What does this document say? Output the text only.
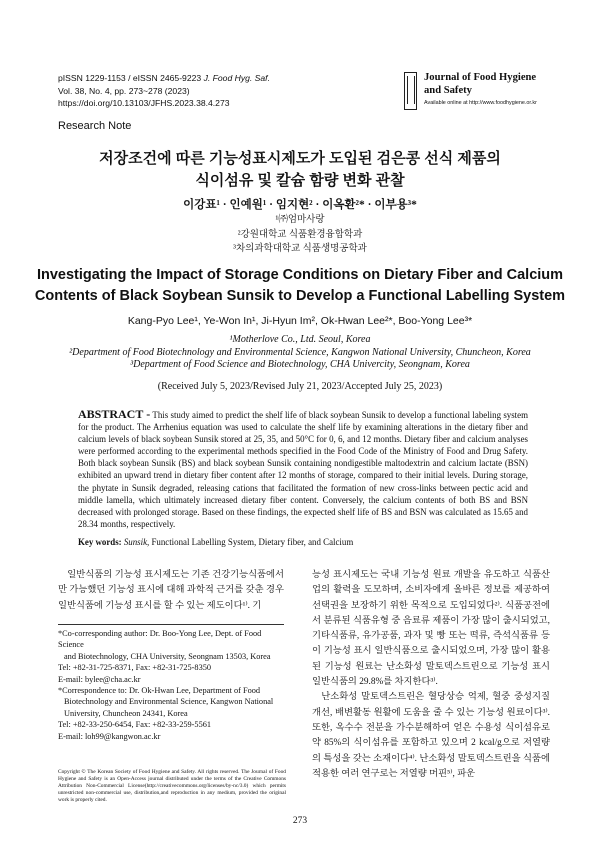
pISSN 1229-1153 / eISSN 2465-9223 J. Food Hyg. Saf.
Vol. 38, No. 4, pp. 273~278 (2023)
https://doi.org/10.13103/JFHS.2023.38.4.273
Journal of Food Hygiene
and Safety
Available online at http://www.foodhygiene.or.kr
Research Note
저장조건에 따른 기능성표시제도가 도입된 검은콩 선식 제품의
식이섬유 및 칼슘 함량 변화 관찰
이강표¹ · 인예원¹ · 임지현² · 이옥환²* · 이부용³*
¹㈜엄마사랑
²강원대학교 식품환경융합학과
³차의과학대학교 식품생명공학과
Investigating the Impact of Storage Conditions on Dietary Fiber and Calcium
Contents of Black Soybean Sunsik to Develop a Functional Labelling System
Kang-Pyo Lee¹, Ye-Won In¹, Ji-Hyun Im², Ok-Hwan Lee²*, Boo-Yong Lee³*
¹Motherlove Co., Ltd. Seoul, Korea
²Department of Food Biotechnology and Environmental Science, Kangwon National University, Chuncheon, Korea
³Department of Food Science and Biotechnology, CHA Univercity, Seongnam, Korea
(Received July 5, 2023/Revised July 21, 2023/Accepted July 25, 2023)
ABSTRACT - This study aimed to predict the shelf life of black soybean Sunsik to develop a functional labeling system for the product. The Arrhenius equation was used to calculate the shelf life by examining alterations in the dietary fiber and calcium levels of black soybean Sunsik stored at 25, 35, and 50°C for 0, 6, and 12 months. Dietary fiber and calcium analyses were performed according to the experimental methods specified in the Food Code of the Ministry of Food and Drug Safety. Both black soybean Sunsik (BS) and black soybean Sunsik containing nondigestible maltodextrin and calcium lactate (BSN) exhibited an upward trend in dietary fiber content after 12 months of storage, compared to their initial levels. During storage, the phytate in Sunsik degraded, releasing cations that facilitated the formation of new cross-links between pectic acid and middle lamella, which ultimately increased dietary fiber content. Conversely, the calcium contents of both BS and BSN decreased with prolonged storage. Based on these findings, the expected shelf life of BS and BSN was calculated as 15.65 and 28.34 months, respectively.
Key words: Sunsik, Functional Labelling System, Dietary fiber, and Calcium
일반식품의 기능성 표시제도는 기존 건강기능식품에서만 가능했던 기능성 표시에 대해 과학적 근거를 갖춘 경우 일반식품에 기능성 표시를 할 수 있는 제도이다¹⁾. 기
능성 표시제도는 국내 기능성 원료 개발을 유도하고 식품산업의 활력을 도모하며, 소비자에게 올바른 정보를 제공하여 선택권을 보장하기 위한 목적으로 도입되었다²⁾. 식품공전에서 분류된 식품유형 중 음료류 제품이 가장 많이 출시되었고, 기타식품류, 유가공품, 과자 및 빵 또는 떡류, 즉석식품류 등이 기능성 표시 일반식품으로 출시되었으며, 가장 많이 활용된 기능성 원료는 난소화성 말토덱스트린으로 기능성 표시 일반식품의 29.8%를 차지한다³⁾.
난소화성 말토덱스트린은 혈당상승 억제, 혈중 중성지질 개선, 배변활동 원활에 도움을 줄 수 있는 기능성 원료이다³⁾. 또한, 옥수수 전분을 가수분해하여 얻은 수용성 식이섬유로 약 85%의 식이섬유를 포함하고 있으며 2 kcal/g으로 저열량의 특성을 갖는 소재이다⁴⁾. 난소화성 말토덱스트린을 식품에 적용한 여러 연구로는 저열량 머핀⁵⁾, 파운
*Co-corresponding author: Dr. Boo-Yong Lee, Dept. of Food Science
and Biotechnology, CHA University, Seongnam 13503, Korea
Tel: +82-31-725-8371, Fax: +82-31-725-8350
E-mail: bylee@cha.ac.kr
*Correspondence to: Dr. Ok-Hwan Lee, Department of Food
Biotechnology and Environmental Science, Kangwon National
University, Chuncheon 24341, Korea
Tel: +82-33-250-6454, Fax: +82-33-259-5561
E-mail: loh99@kangwon.ac.kr
Copyright © The Korean Society of Food Hygiene and Safety. All rights reserved. The Journal of Food Hygiene and Safety is an Open-Access journal distributed under the terms of the Creative Commons Attribution Non-Commercial License(http://creativecommons.org/licenses/by-nc/3.0) which permits unrestricted non-commercial use, distribution,and reproduction in any medium, provided the original work is properly cited.
273
